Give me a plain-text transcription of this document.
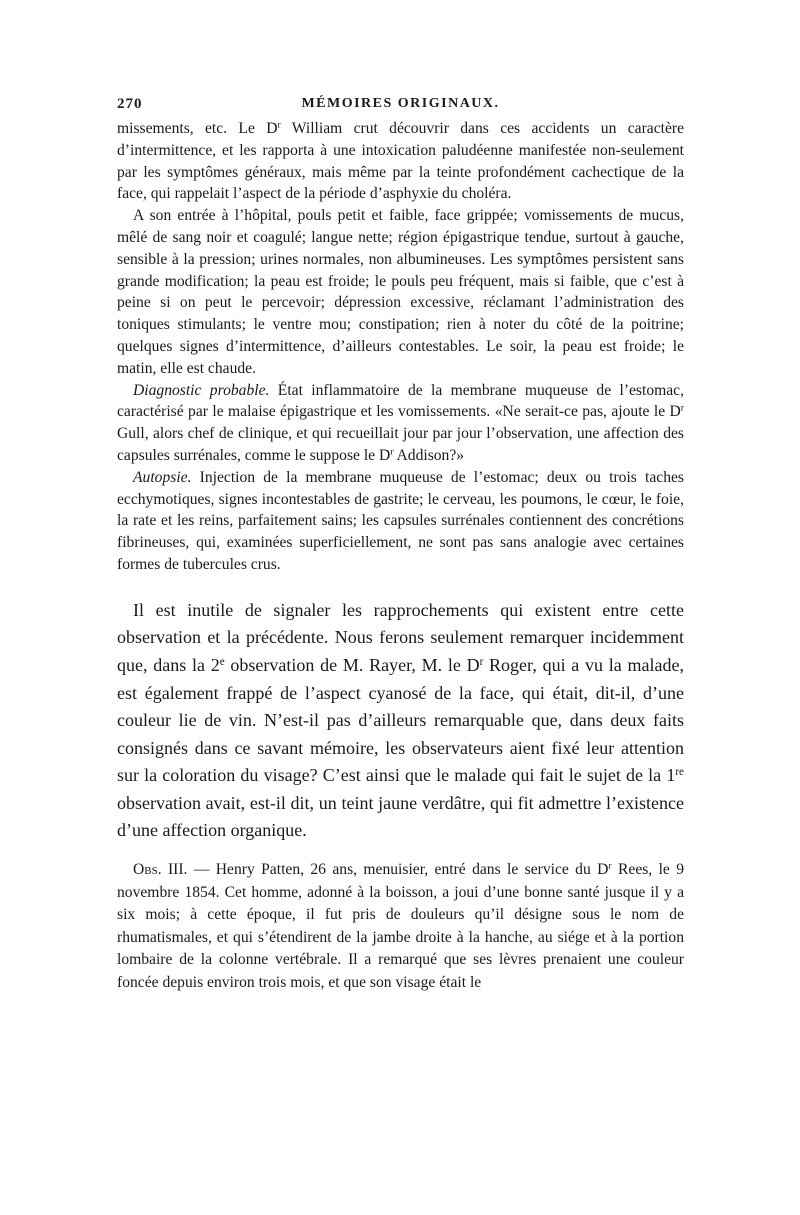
270	MÉMOIRES ORIGINAUX.

missements, etc. Le $D^r$ William crut découvrir dans ces accidents un caractère d’intermittence, et les rapporta à une intoxication paludéenne manifestée non-seulement par les symptômes généraux, mais même par la teinte profondément cachectique de la face, qui rappelait l’aspect de la période d’asphyxie du choléra.

A son entrée à l’hôpital, pouls petit et faible, face grippée; vomissements de mucus, mêlé de sang noir et coagulé; langue nette; région épigastrique tendue, surtout à gauche, sensible à la pression; urines normales, non albumineuses. Les symptômes persistent sans grande modification; la peau est froide; le pouls peu fréquent, mais si faible, que c’est à peine si on peut le percevoir; dépression excessive, réclamant l’administration des toniques stimulants; le ventre mou; constipation; rien à noter du côté de la poitrine; quelques signes d’intermittence, d’ailleurs contestables. Le soir, la peau est froide; le matin, elle est chaude.

Diagnostic probable. État inflammatoire de la membrane muqueuse de l’estomac, caractérisé par le malaise épigastrique et les vomissements. «Ne serait-ce pas, ajoute le $D^r$ Gull, alors chef de clinique, et qui recueillait jour par jour l’observation, une affection des capsules surrénales, comme le suppose le $D^r$ Addison?»

Autopsie. Injection de la membrane muqueuse de l’estomac; deux ou trois taches ecchymotiques, signes incontestables de gastrite; le cerveau, les poumons, le cœur, le foie, la rate et les reins, parfaitement sains; les capsules surrénales contiennent des concrétions fibrineuses, qui, examinées superficiellement, ne sont pas sans analogie avec certaines formes de tubercules crus.

Il est inutile de signaler les rapprochements qui existent entre cette observation et la précédente. Nous ferons seulement remarquer incidemment que, dans la 2e observation de M. Rayer, M. le $D^r$ Roger, qui a vu la malade, est également frappé de l’aspect cyanosé de la face, qui était, dit-il, d’une couleur lie de vin. N’est-il pas d’ailleurs remarquable que, dans deux faits consignés dans ce savant mémoire, les observateurs aient fixé leur attention sur la coloration du visage? C’est ainsi que le malade qui fait le sujet de la 1re observation avait, est-il dit, un teint jaune verdâtre, qui fit admettre l’existence d’une affection organique.

Obs. III. — Henry Patten, 26 ans, menuisier, entré dans le service du $D^r$ Rees, le 9 novembre 1854. Cet homme, adonné à la boisson, a joui d’une bonne santé jusque il y a six mois; à cette époque, il fut pris de douleurs qu’il désigne sous le nom de rhumatismales, et qui s’étendirent de la jambe droite à la hanche, au siége et à la portion lombaire de la colonne vertébrale. Il a remarqué que ses lèvres prenaient une couleur foncée depuis environ trois mois, et que son visage était le
